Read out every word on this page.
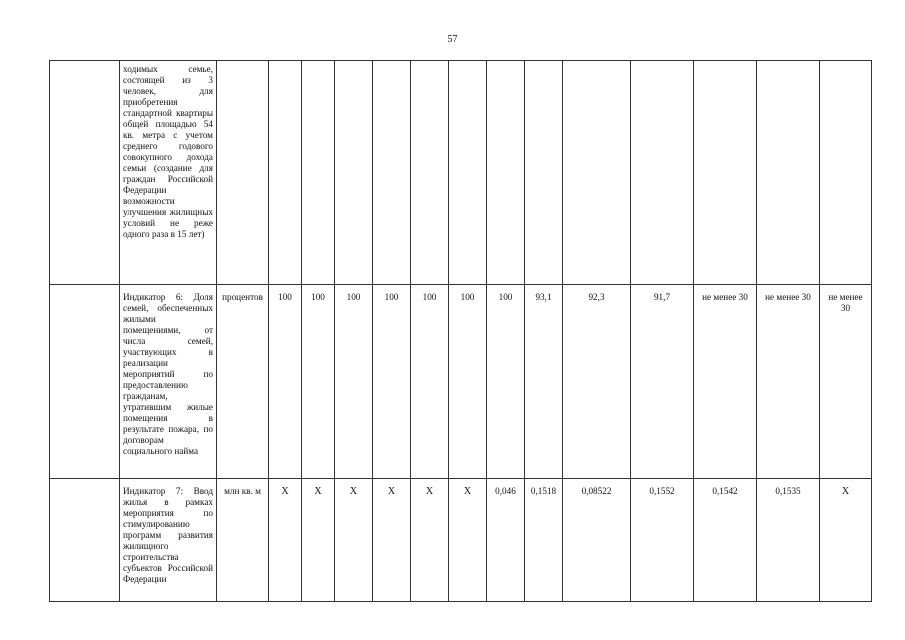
57
	ходимых семье, состоящей из 3 человек, для приобретения стандартной квартиры общей площадью 54 кв. метра с учетом среднего годового совокупного дохода семьи (создание для граждан Российской Федерации возможности улучшения жилищных условий не реже одного раза в 15 лет)														
	Индикатор 6: Доля семей, обеспеченных жилыми помещениями, от числа семей, участвующих в реализации мероприятий по предоставлению гражданам, утратившим жилые помещения в результате пожара, по договорам социального найма	процентов	100	100	100	100	100	100	100	93,1	92,3	91,7	не менее 30	не менее 30	не менее 30
	Индикатор 7: Ввод жилья в рамках мероприятия по стимулированию программ развития жилищного строительства субъектов Российской Федерации	млн кв. м	X	X	X	X	X	X	0,046	0,1518	0,08522	0,1552	0,1542	0,1535	X
